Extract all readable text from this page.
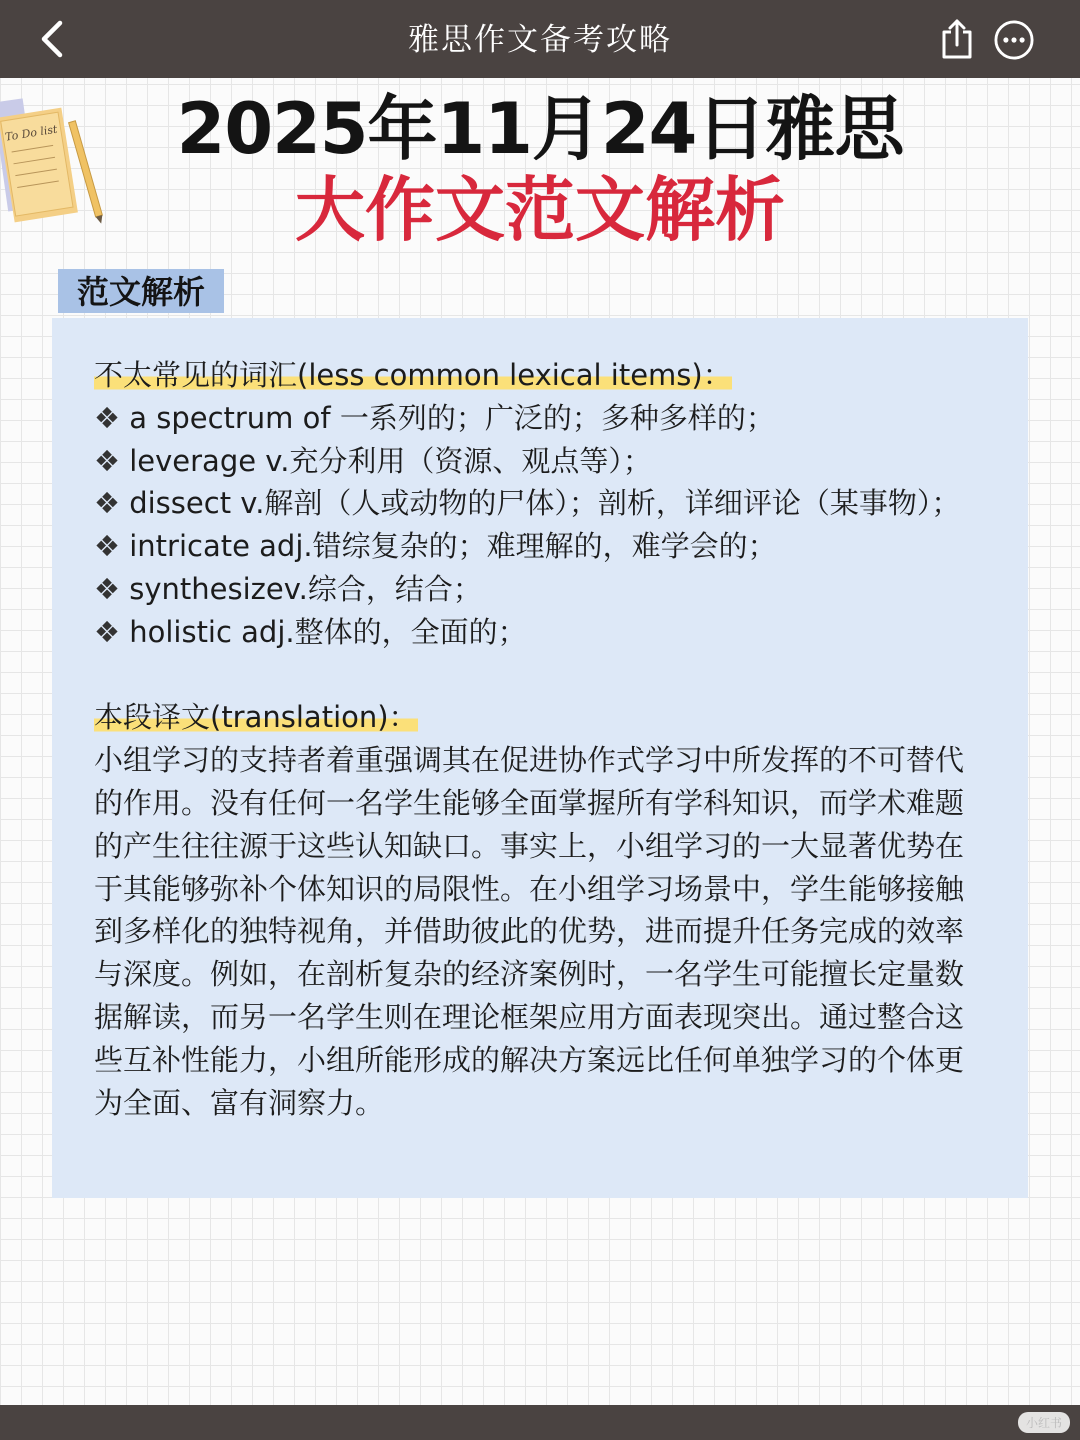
雅思作文备考攻略
To Do list	2025年11月24日雅思
大作文范文解析
范文解析

不太常见的词汇(less common lexical items)：

❖ a spectrum of 一系列的；广泛的；多种多样的；

❖ leverage v.充分利用（资源、观点等）；

❖ dissect v.解剖（人或动物的尸体）；剖析，详细评论（某事物）；

❖ intricate adj.错综复杂的；难理解的，难学会的；

❖ synthesizev.综合，结合；

❖ holistic adj.整体的，全面的；

本段译文(translation)：

小组学习的支持者着重强调其在促进协作式学习中所发挥的不可替代的作用。没有任何一名学生能够全面掌握所有学科知识，而学术难题的产生往往源于这些认知缺口。事实上，小组学习的一大显著优势在于其能够弥补个体知识的局限性。在小组学习场景中，学生能够接触到多样化的独特视角，并借助彼此的优势，进而提升任务完成的效率与深度。例如，在剖析复杂的经济案例时，一名学生可能擅长定量数据解读，而另一名学生则在理论框架应用方面表现突出。通过整合这些互补性能力，小组所能形成的解决方案远比任何单独学习的个体更为全面、富有洞察力。

小红书
